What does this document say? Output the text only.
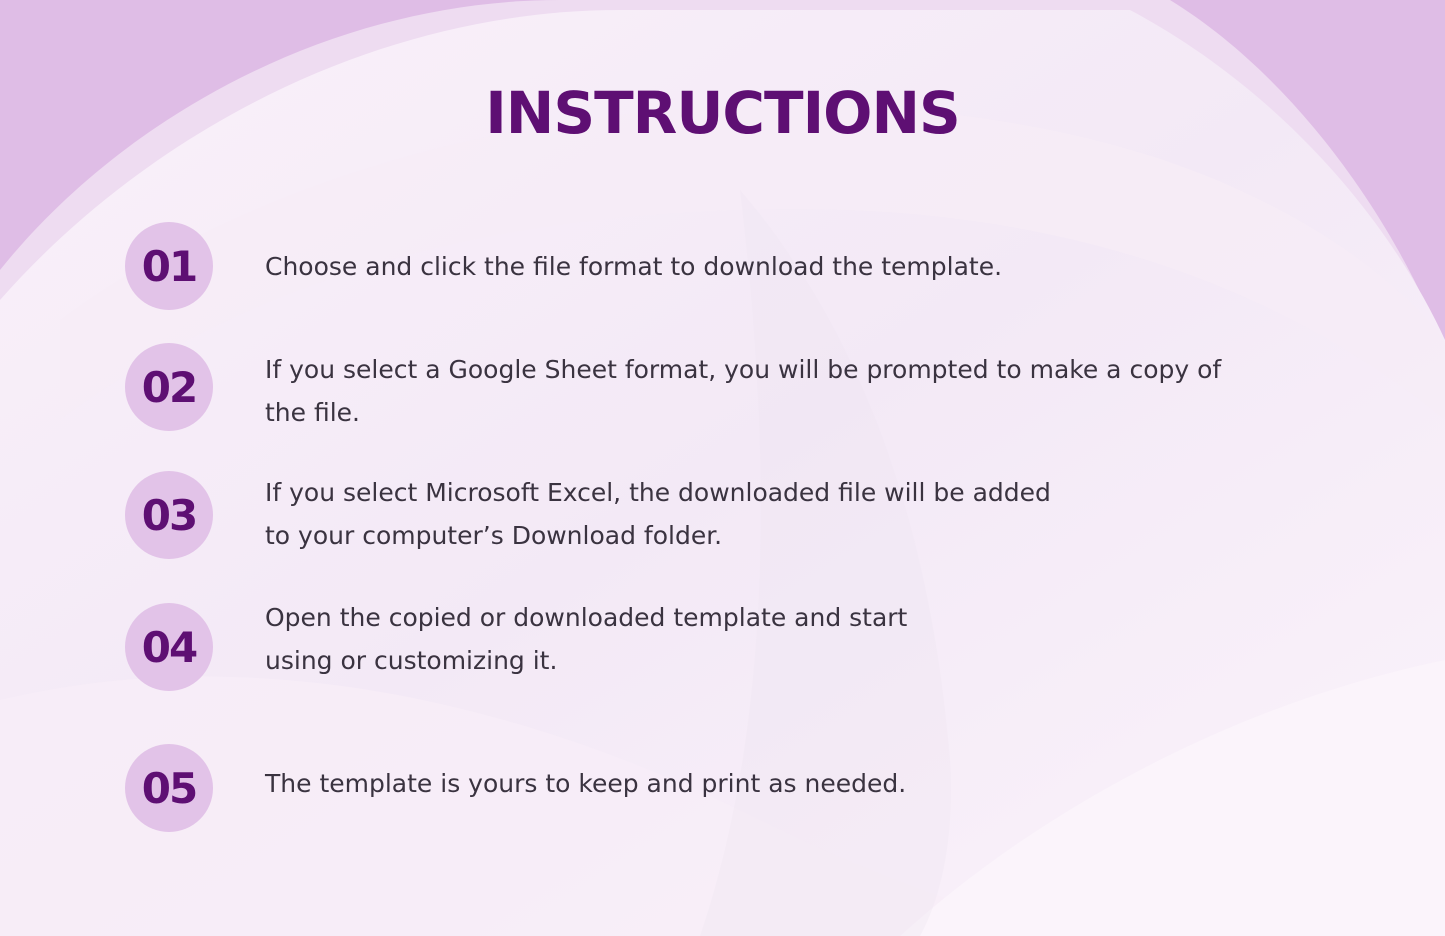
INSTRUCTIONS
01	Choose and click the file format to download the template.
02	If you select a Google Sheet format, you will be prompted to make a copy of
the file.
03	If you select Microsoft Excel, the downloaded file will be added
to your computer’s Download folder.
04
Open the copied or downloaded template and start
using or customizing it.
05	The template is yours to keep and print as needed.
